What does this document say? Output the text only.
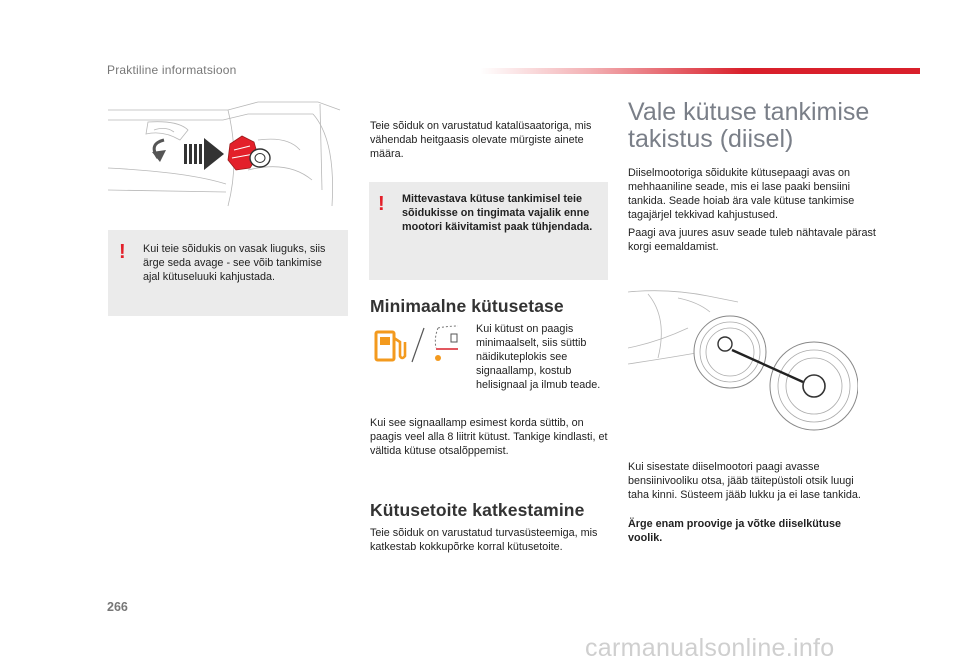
Praktiline informatsioon
! Kui teie sõidukis on vasak liuguks, siis ärge seda avage - see võib tankimise ajal kütuseluuki kahjustada.
Teie sõiduk on varustatud katalüsaatoriga, mis vähendab heitgaasis olevate mürgiste ainete määra.
! Mittevastava kütuse tankimisel teie sõidukisse on tingimata vajalik enne mootori käivitamist paak tühjendada.
Minimaalne kütusetase
Kui kütust on paagis minimaalselt, siis süttib näidikuteplokis see signaallamp, kostub helisignaal ja ilmub teade.
Kui see signaallamp esimest korda süttib, on paagis veel alla 8 liitrit kütust. Tankige kindlasti, et vältida kütuse otsalõppemist.
Kütusetoite katkestamine
Teie sõiduk on varustatud turvasüsteemiga, mis katkestab kokkupõrke korral kütusetoite.
Vale kütuse tankimise takistus (diisel)
Diiselmootoriga sõidukite kütusepaagi avas on mehhaaniline seade, mis ei lase paaki bensiini tankida. Seade hoiab ära vale kütuse tankimise tagajärjel tekkivad kahjustused.
Paagi ava juures asuv seade tuleb nähtavale pärast korgi eemaldamist.
Kui sisestate diiselmootori paagi avasse bensiinivooliku otsa, jääb täitepüstoli otsik luugi taha kinni. Süsteem jääb lukku ja ei lase tankida.
Ärge enam proovige ja võtke diiselkütuse voolik.
266
carmanualsonline.info
